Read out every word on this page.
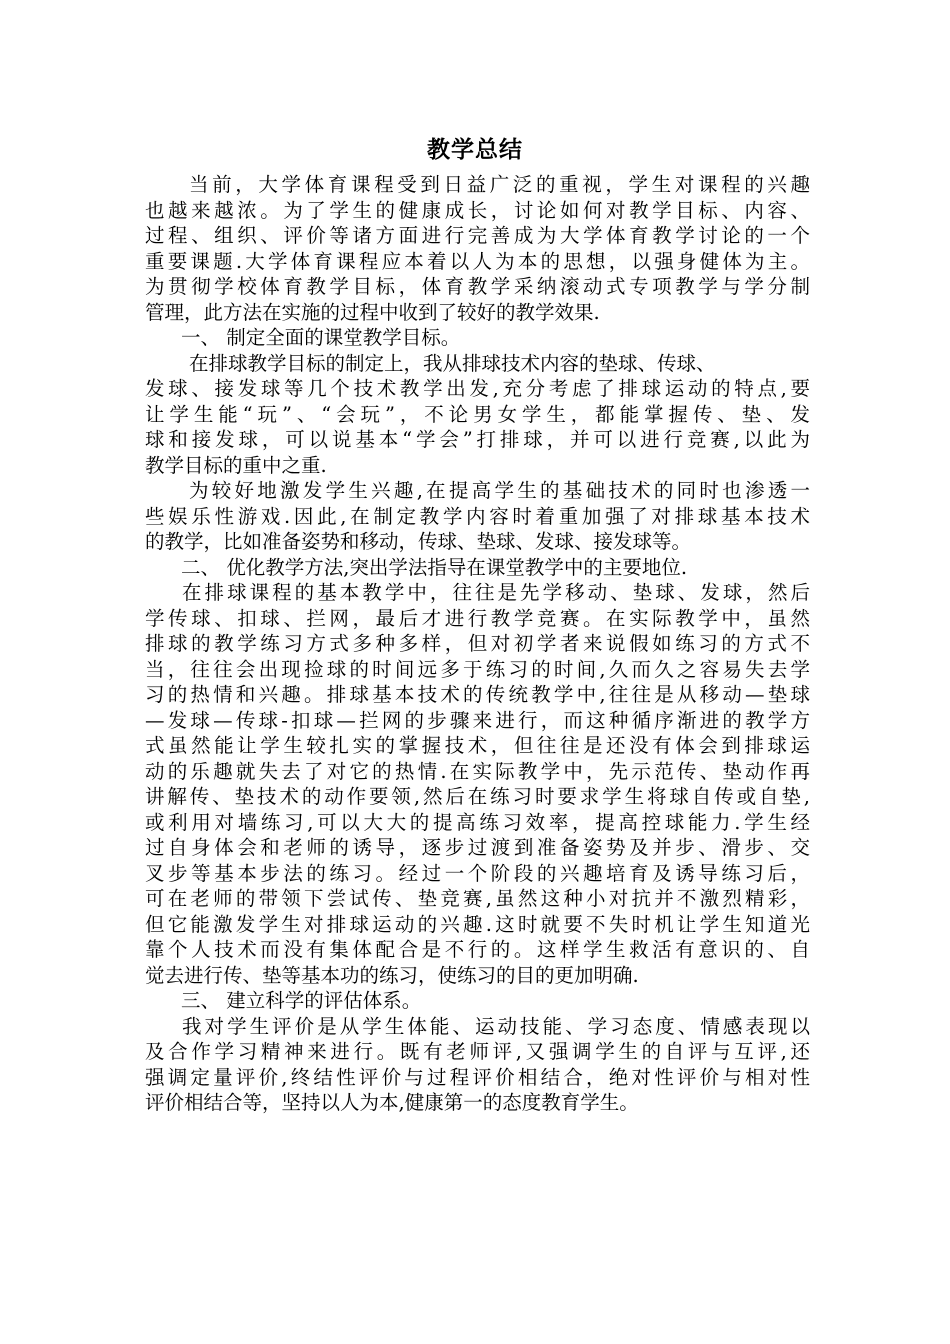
教学总结
当前，大学体育课程受到日益广泛的重视，学生对课程的兴趣
也越来越浓。为了学生的健康成长，讨论如何对教学目标、内容、
过程、组织、评价等诸方面进行完善成为大学体育教学讨论的一个
重要课题.大学体育课程应本着以人为本的思想，以强身健体为主。
为贯彻学校体育教学目标，体育教学采纳滚动式专项教学与学分制
管理，此方法在实施的过程中收到了较好的教学效果.
一、 制定全面的课堂教学目标。
在排球教学目标的制定上，我从排球技术内容的垫球、传球、
发球、接发球等几个技术教学出发,充分考虑了排球运动的特点,要
让学生能“玩”、“会玩”，不论男女学生，都能掌握传、垫、发
球和接发球，可以说基本“学会”打排球，并可以进行竞赛,以此为
教学目标的重中之重.
为较好地激发学生兴趣,在提高学生的基础技术的同时也渗透一
些娱乐性游戏.因此,在制定教学内容时着重加强了对排球基本技术
的教学，比如准备姿势和移动，传球、垫球、发球、接发球等。
二、 优化教学方法,突出学法指导在课堂教学中的主要地位.
在排球课程的基本教学中，往往是先学移动、垫球、发球，然后
学传球、扣球、拦网，最后才进行教学竞赛。在实际教学中，虽然
排球的教学练习方式多种多样，但对初学者来说假如练习的方式不
当，往往会出现捡球的时间远多于练习的时间,久而久之容易失去学
习的热情和兴趣。排球基本技术的传统教学中,往往是从移动—垫球
—发球—传球-扣球—拦网的步骤来进行，而这种循序渐进的教学方
式虽然能让学生较扎实的掌握技术，但往往是还没有体会到排球运
动的乐趣就失去了对它的热情.在实际教学中，先示范传、垫动作再
讲解传、垫技术的动作要领,然后在练习时要求学生将球自传或自垫,
或利用对墙练习,可以大大的提高练习效率，提高控球能力.学生经
过自身体会和老师的诱导，逐步过渡到准备姿势及并步、滑步、交
叉步等基本步法的练习。经过一个阶段的兴趣培育及诱导练习后，
可在老师的带领下尝试传、垫竞赛,虽然这种小对抗并不激烈精彩，
但它能激发学生对排球运动的兴趣.这时就要不失时机让学生知道光
靠个人技术而没有集体配合是不行的。这样学生救活有意识的、自
觉去进行传、垫等基本功的练习，使练习的目的更加明确.
三、 建立科学的评估体系。
我对学生评价是从学生体能、运动技能、学习态度、情感表现以
及合作学习精神来进行。既有老师评,又强调学生的自评与互评,还
强调定量评价,终结性评价与过程评价相结合，绝对性评价与相对性
评价相结合等，坚持以人为本,健康第一的态度教育学生。
